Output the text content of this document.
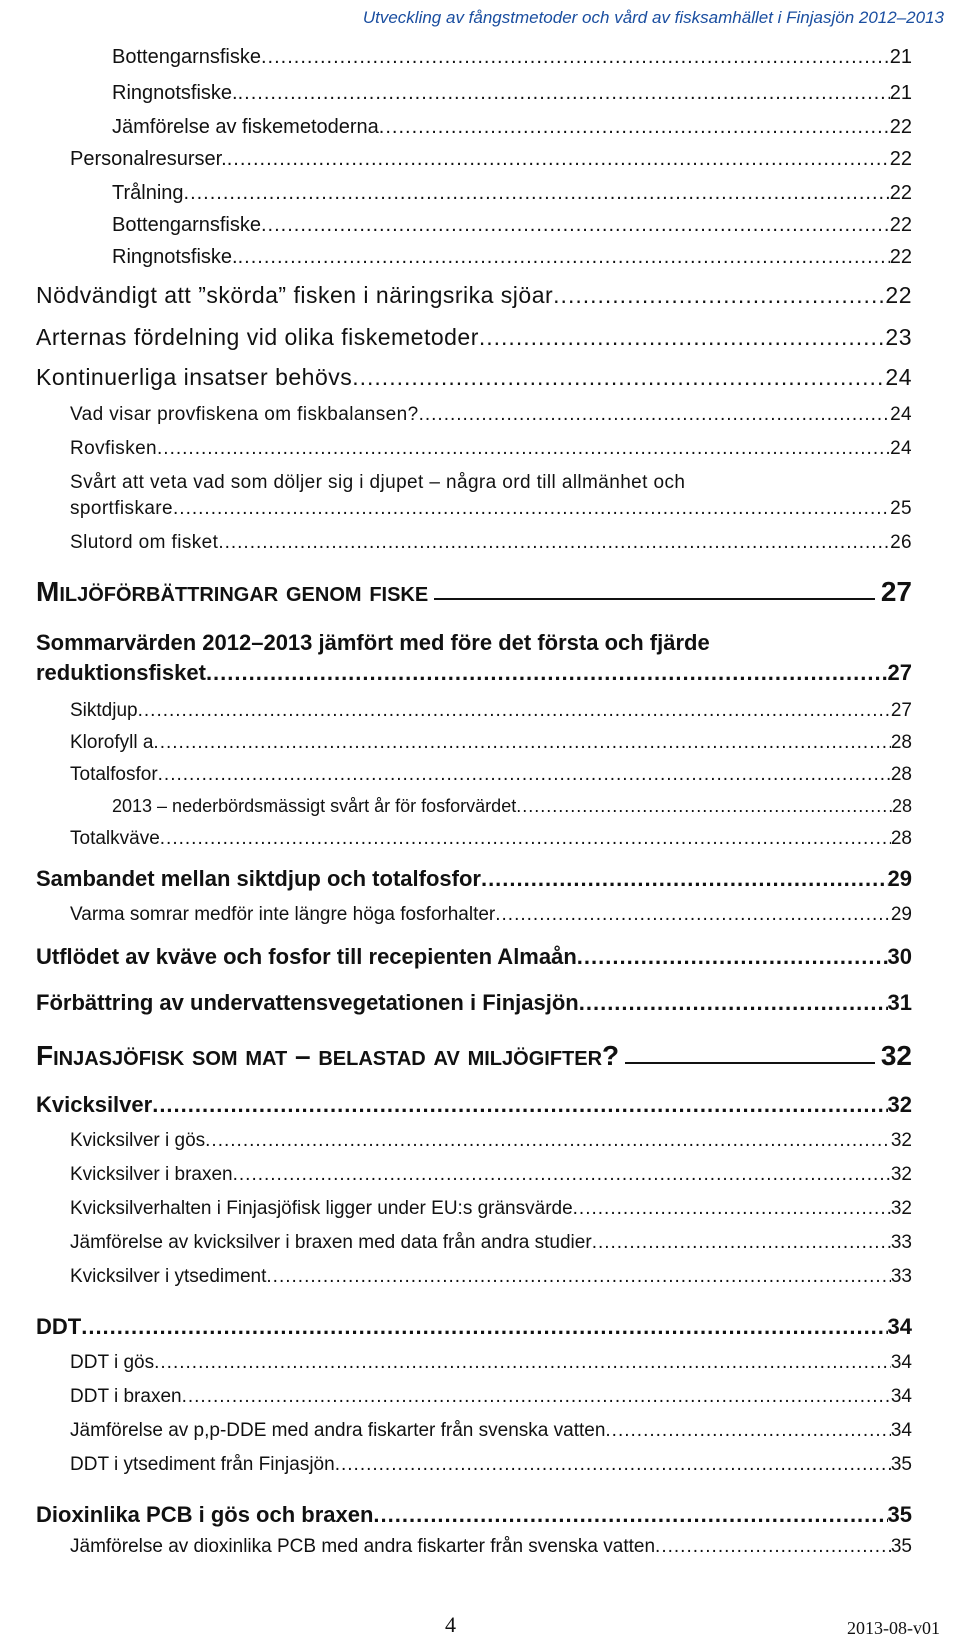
Utveckling av fångstmetoder och vård av fisksamhället i Finjasjön 2012–2013
Bottengarnsfiske .....	21
Ringnotsfiske. .....	21
Jämförelse av fiskemetoderna .....	22
Personalresurser. .....	22
Trålning .....	22
Bottengarnsfiske .....	22
Ringnotsfiske. .....	22
Nödvändigt att ”skörda” fisken i näringsrika sjöar .....	22
Arternas fördelning vid olika fiskemetoder .....	23
Kontinuerliga insatser behövs .....	24
Vad visar provfiskena om fiskbalansen? .....	24
Rovfisken .....	24
Svårt att veta vad som döljer sig i djupet – några ord till allmänhet och
sportfiskare .....	25
Slutord om fisket .....	26
Miljöförbättringar genom fiske	27
Sommarvärden 2012–2013 jämfört med före det första och fjärde
reduktionsfisket .....	27
Siktdjup .....	27
Klorofyll a .....	28
Totalfosfor .....	28
2013 – nederbördsmässigt svårt år för fosforvärdet .....	28
Totalkväve .....	28
Sambandet mellan siktdjup och totalfosfor .....	29
Varma somrar medför inte längre höga fosforhalter .....	29
Utflödet av kväve och fosfor till recepienten Almaån .....	30
Förbättring av undervattensvegetationen i Finjasjön .....	31
Finjasjöfisk som mat – belastad av miljögifter?	32
Kvicksilver .....	32
Kvicksilver i gös .....	32
Kvicksilver i braxen .....	32
Kvicksilverhalten i Finjasjöfisk ligger under EU:s gränsvärde .....	32
Jämförelse av kvicksilver i braxen med data från andra studier .....	33
Kvicksilver i ytsediment .....	33
DDT .....	34
DDT i gös .....	34
DDT i braxen .....	34
Jämförelse av p,p-DDE med andra fiskarter från svenska vatten .....	34
DDT i ytsediment från Finjasjön .....	35
Dioxinlika PCB i gös och braxen .....	35
Jämförelse av dioxinlika PCB med andra fiskarter från svenska vatten .....	35
4	2013-08-v01
